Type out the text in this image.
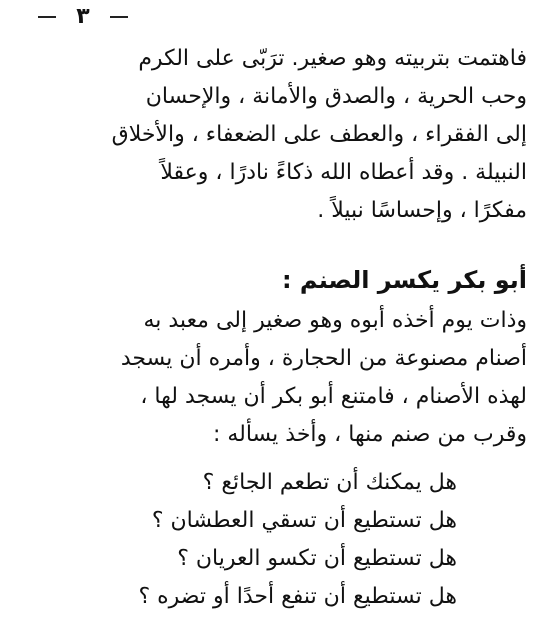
٣
فاهتمت بتربيته وهو صغير. ترَبّى على الكرم
وحب الحرية ، والصدق والأمانة ، والإحسان
إلى الفقراء ، والعطف على الضعفاء ، والأخلاق
النبيلة . وقد أعطاه الله ذكاءً نادرًا ، وعقلاً
مفكرًا ، وإحساسًا نبيلاً .
أبو بكر يكسر الصنم :
وذات يوم أخذه أبوه وهو صغير إلى معبد به
أصنام مصنوعة من الحجارة ، وأمره أن يسجد
لهذه الأصنام ، فامتنع أبو بكر أن يسجد لها ،
وقرب من صنم منها ، وأخذ يسأله :
هل يمكنك أن تطعم الجائع ؟
هل تستطيع أن تسقي العطشان ؟
هل تستطيع أن تكسو العريان ؟
هل تستطيع أن تنفع أحدًا أو تضره ؟
